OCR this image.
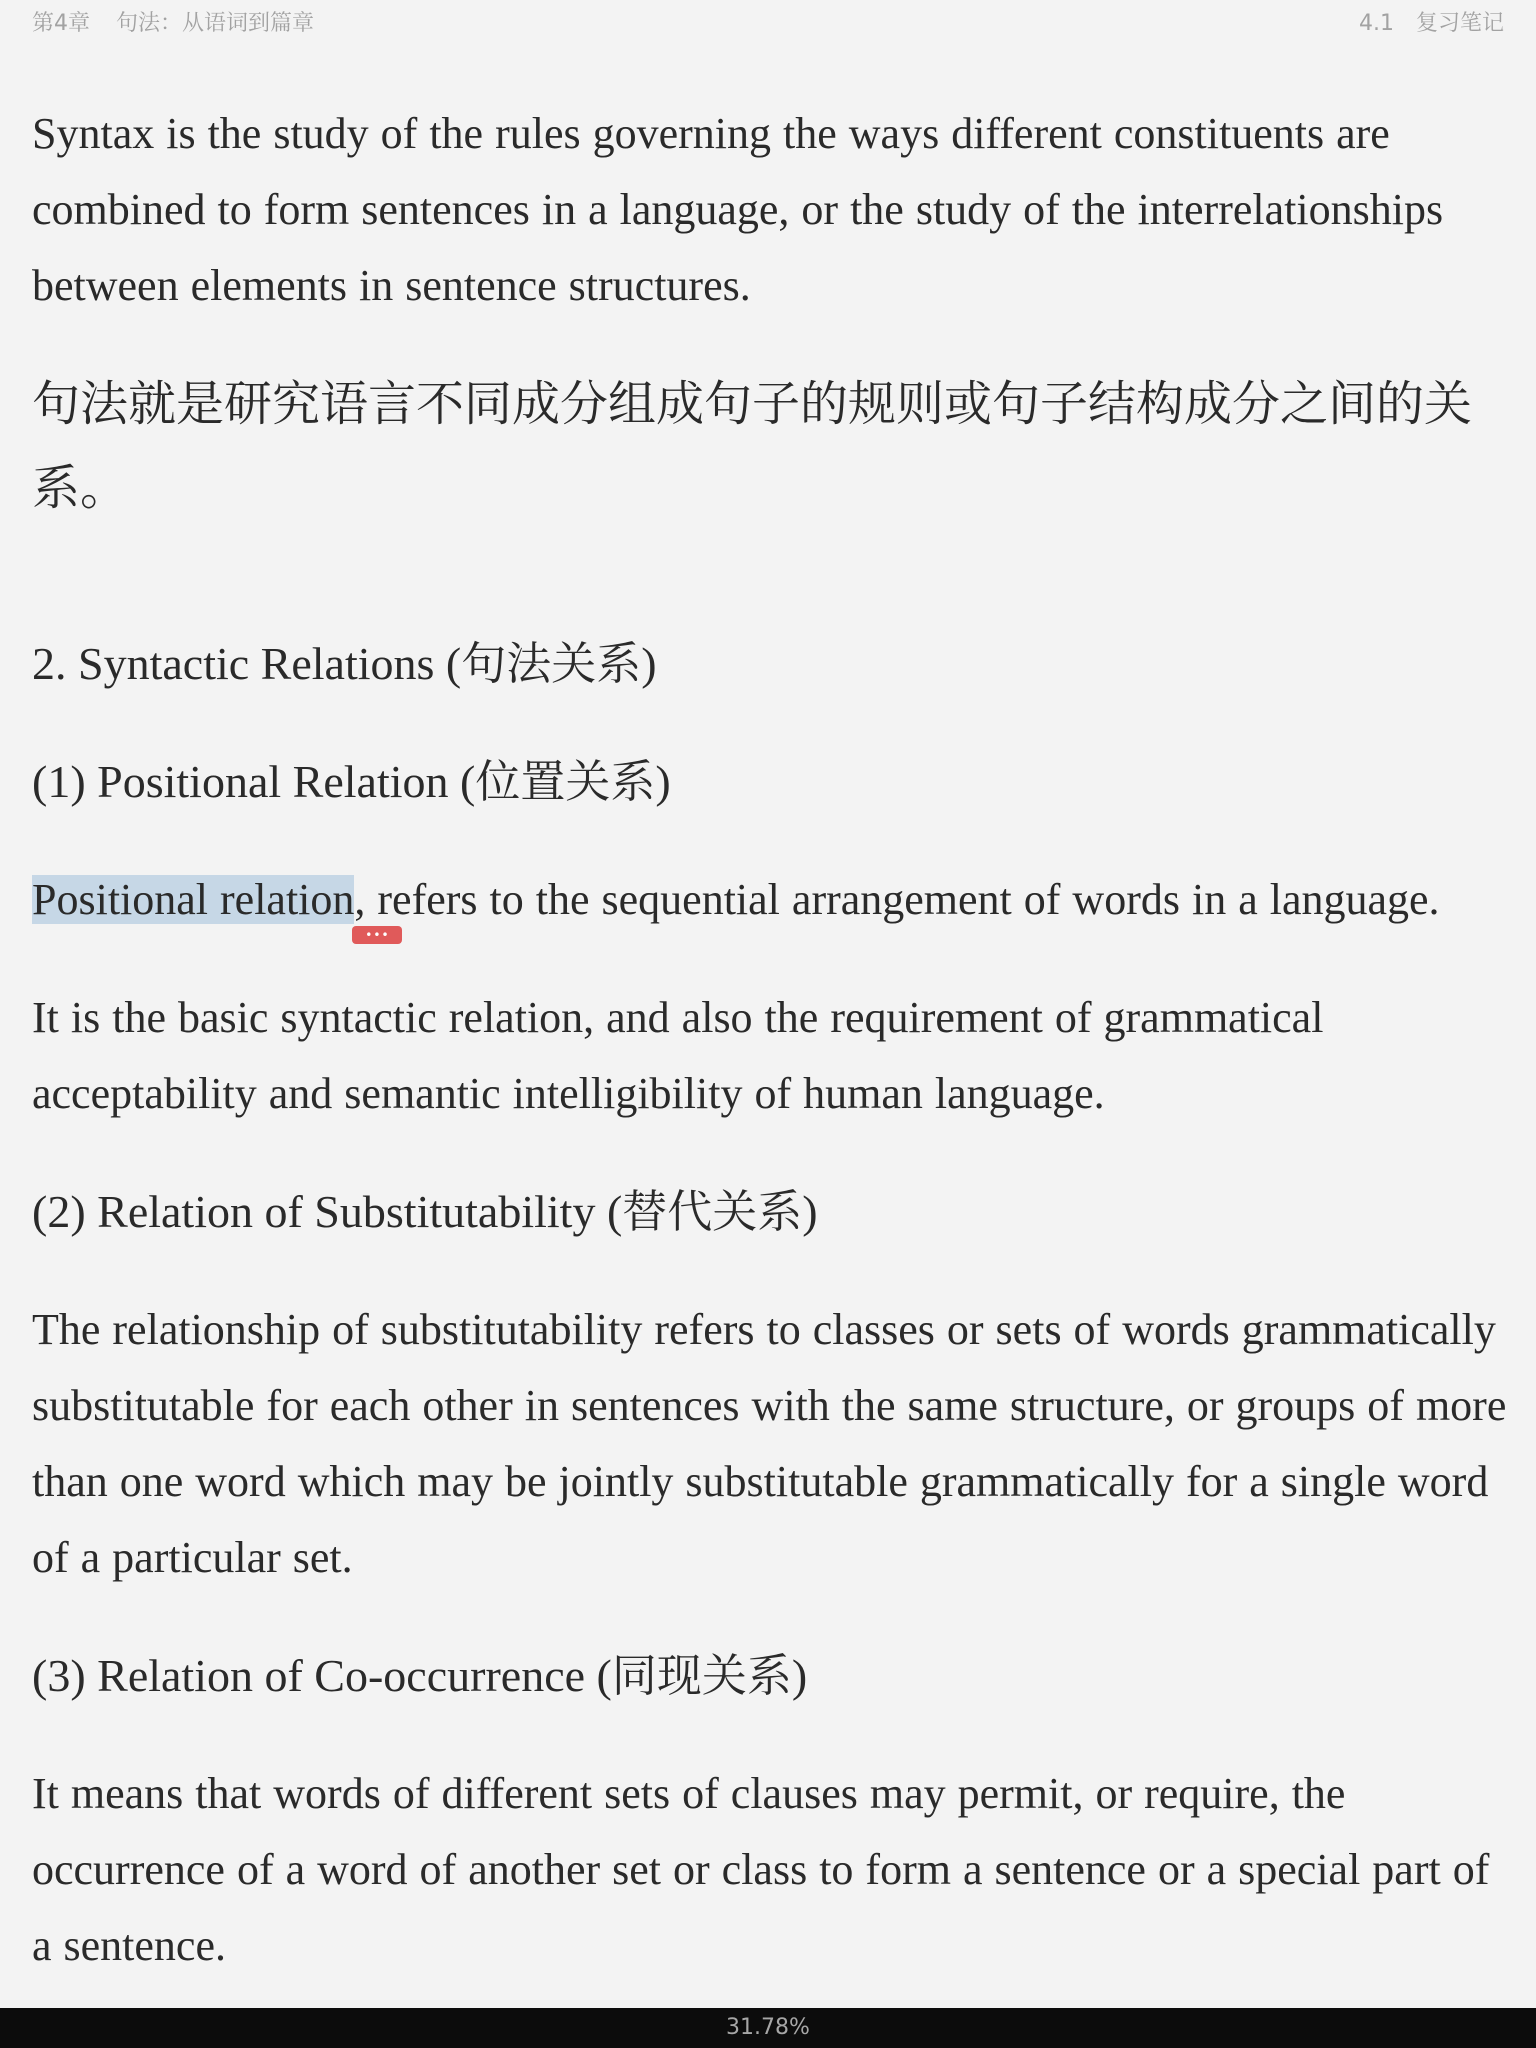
第4章 句法：从语词到篇章	4.1 复习笔记

Syntax is the study of the rules governing the ways different constituents are combined to form sentences in a language, or the study of the interrelationships between elements in sentence structures.

句法就是研究语言不同成分组成句子的规则或句子结构成分之间的关系。

2. Syntactic Relations (句法关系)
(1) Positional Relation (位置关系)

Positional relation
•••
, refers to the sequential arrangement of words in a language.

It is the basic syntactic relation, and also the requirement of grammatical acceptability and semantic intelligibility of human language.

(2) Relation of Substitutability (替代关系)

The relationship of substitutability refers to classes or sets of words grammatically substitutable for each other in sentences with the same structure, or groups of more than one word which may be jointly substitutable grammatically for a single word of a particular set.

(3) Relation of Co-occurrence (同现关系)

It means that words of different sets of clauses may permit, or require, the occurrence of a word of another set or class to form a sentence or a special part of a sentence.

31.78%
